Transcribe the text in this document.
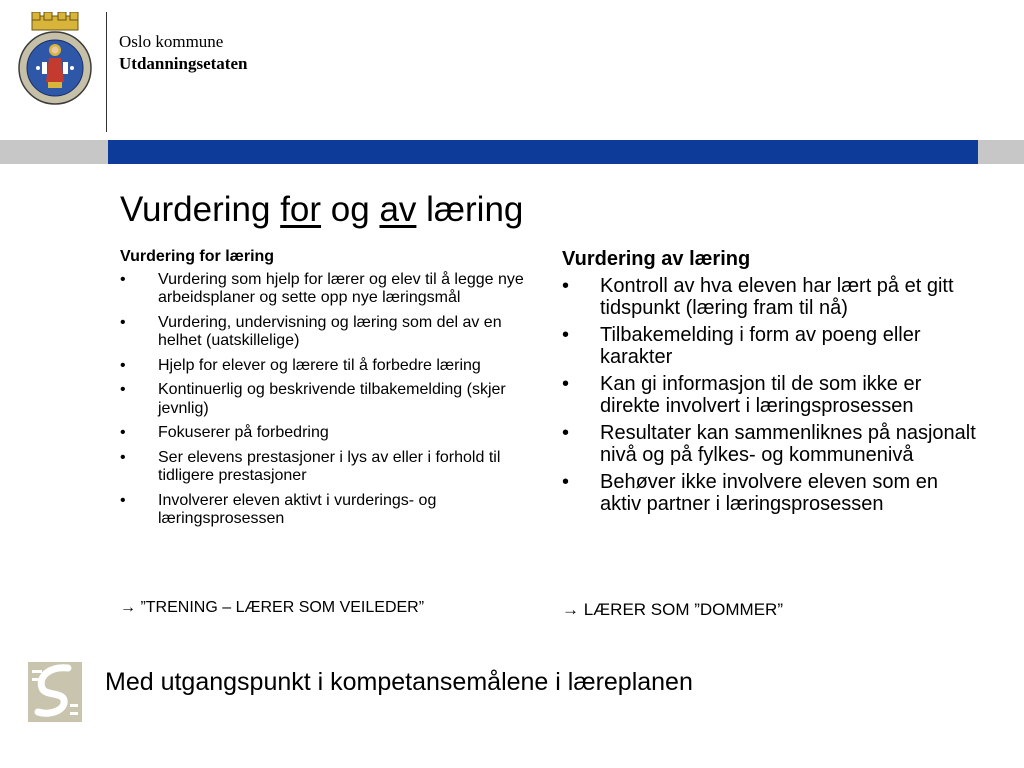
Oslo kommune
Utdanningsetaten
Vurdering for og av læring
Vurdering for læring
• Vurdering som hjelp for lærer og elev til å legge nye arbeidsplaner og sette opp nye læringsmål
• Vurdering, undervisning og læring som del av en helhet (uatskillelige)
• Hjelp for elever og lærere til å forbedre læring
• Kontinuerlig og beskrivende tilbakemelding (skjer jevnlig)
• Fokuserer på forbedring
• Ser elevens prestasjoner i lys av eller i forhold til tidligere prestasjoner
• Involverer eleven aktivt i vurderings- og læringsprosessen
→ ”TRENING – LÆRER SOM VEILEDER”
Vurdering av læring
• Kontroll av hva eleven har lært på et gitt tidspunkt (læring fram til nå)
• Tilbakemelding i form av poeng eller karakter
• Kan gi informasjon til de som ikke er direkte involvert i læringsprosessen
• Resultater kan sammenliknes på nasjonalt nivå og på fylkes- og kommunenivå
• Behøver ikke involvere eleven som en aktiv partner i læringsprosessen
→ LÆRER SOM ”DOMMER”
Med utgangspunkt i kompetansemålene i læreplanen
